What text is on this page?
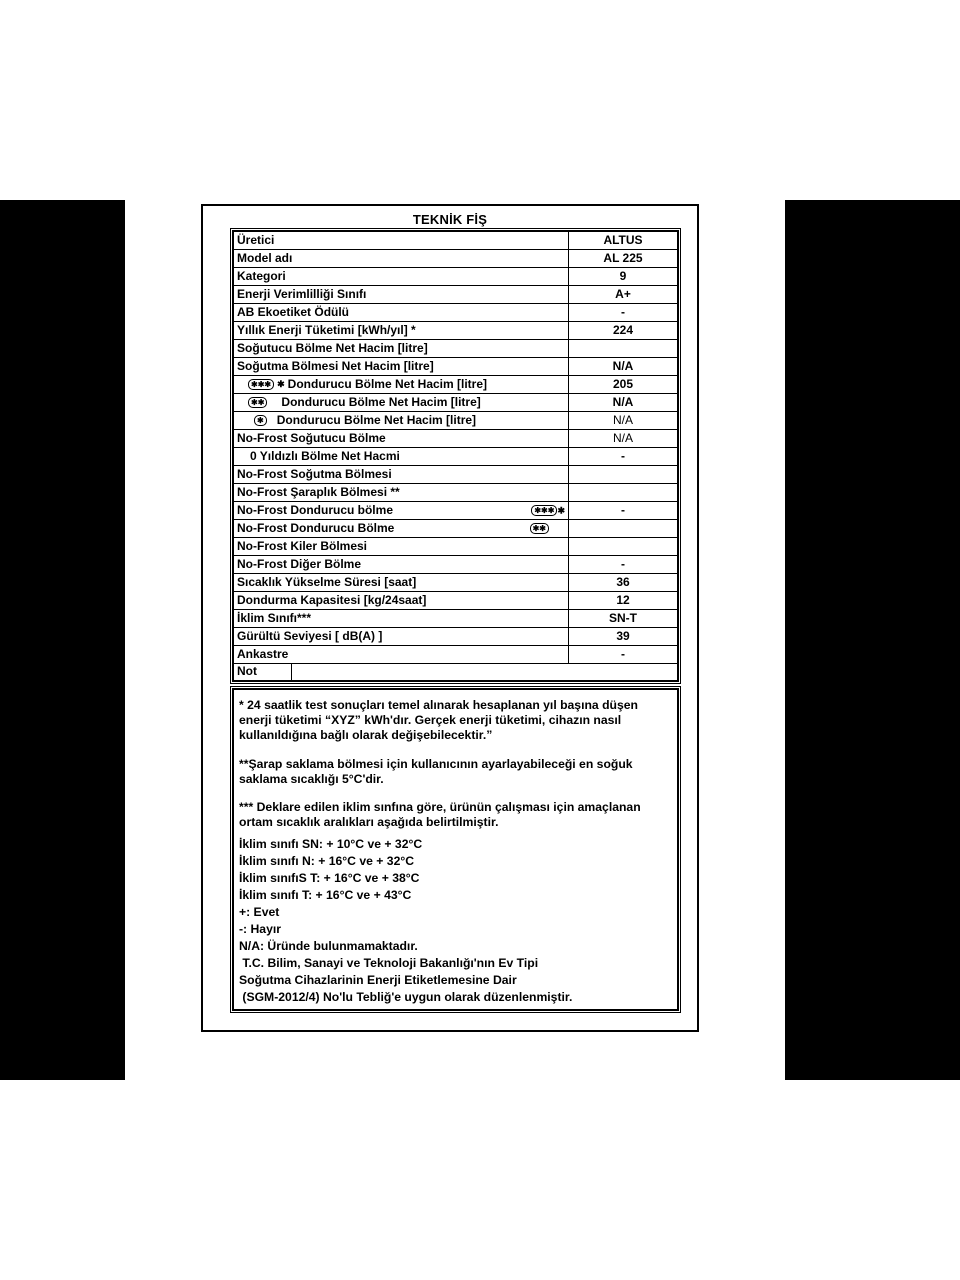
TEKNİK FİŞ
Üretici	ALTUS
Model adı	AL 225
Kategori	9
Enerji Verimlilliği Sınıfı	A+
AB Ekoetiket Ödülü	-
Yıllık Enerji Tüketimi [kWh/yıl] *	224
Soğutucu Bölme Net Hacim [litre]	
Soğutma Bölmesi Net Hacim [litre]	N/A
✱✱✱ ✱ Dondurucu Bölme Net Hacim [litre]	205
✱✱ Dondurucu Bölme Net Hacim [litre]	N/A
✱ Dondurucu Bölme Net Hacim [litre]	N/A
No-Frost Soğutucu Bölme	N/A
0 Yıldızlı Bölme Net Hacmi	-
No-Frost Soğutma Bölmesi	
No-Frost Şaraplık Bölmesi **	
No-Frost Dondurucu bölme ✱✱✱ ✱	-
No-Frost Dondurucu Bölme ✱✱	

No-Frost Kiler Bölmesi	
No-Frost Diğer Bölme	-
Sıcaklık Yükselme Süresi [saat]	36
Dondurma Kapasitesi [kg/24saat]	12
İklim Sınıfı***	SN-T
Gürültü Seviyesi [ dB(A) ]	39
Ankastre	-

Not	

* 24 saatlik test sonuçları temel alınarak hesaplanan yıl başına düşen enerji tüketimi “XYZ” kWh'dır. Gerçek enerji tüketimi, cihazın nasıl kullanıldığına bağlı olarak değişebilecektir.”

**Şarap saklama bölmesi için kullanıcının ayarlayabileceği en soğuk saklama sıcaklığı 5°C'dir.

*** Deklare edilen iklim sınfına göre, ürünün çalışması için amaçlanan ortam sıcaklık aralıkları aşağıda belirtilmiştir.

İklim sınıfı SN: + 10°C ve + 32°C
İklim sınıfı N: + 16°C ve + 32°C
İklim sınıfıS T: + 16°C ve + 38°C
İklim sınıfı T: + 16°C ve + 43°C
+: Evet
-: Hayır
N/A: Üründe bulunmamaktadır.
T.C. Bilim, Sanayi ve Teknoloji Bakanlığı'nın Ev Tipi
Soğutma Cihazlarinin Enerji Etiketlemesine Dair
(SGM-2012/4) No'lu Tebliğ'e uygun olarak düzenlenmiştir.
